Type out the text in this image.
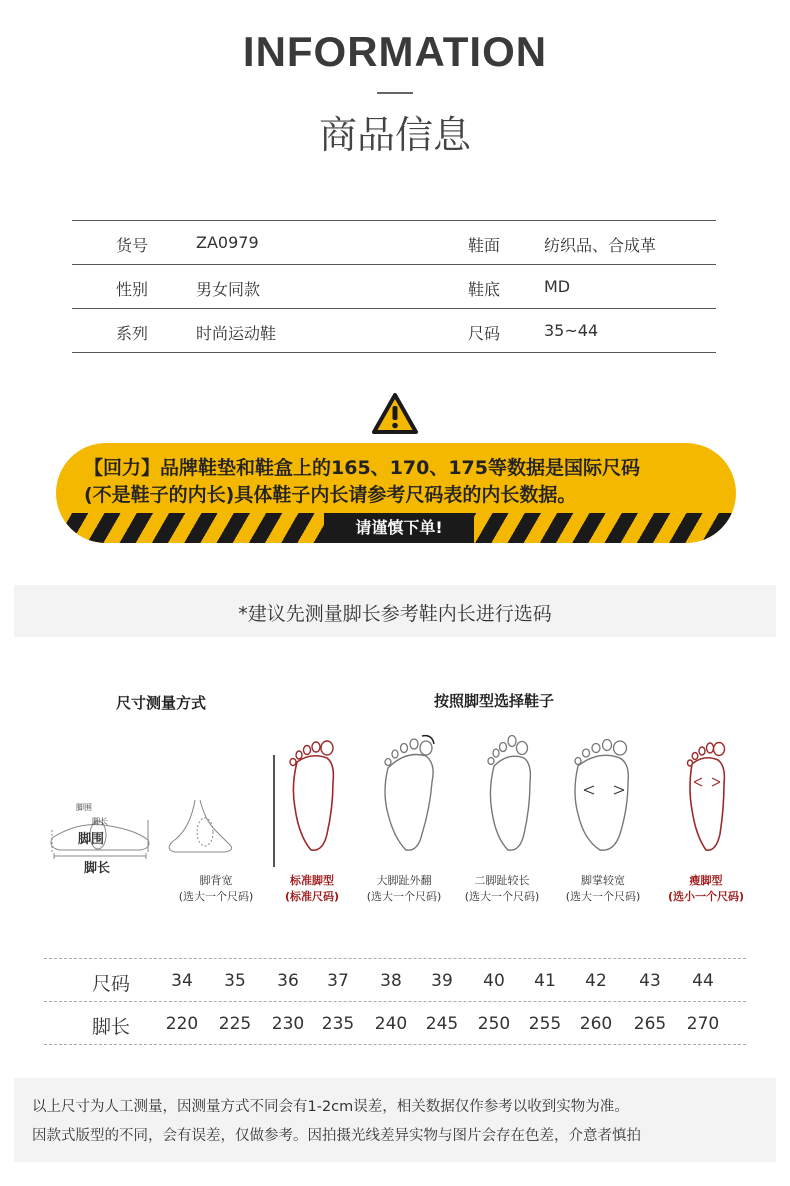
INFORMATION
商品信息
货号	ZA0979	鞋面	纺织品、合成革
性别	男女同款	鞋底	MD
系列	时尚运动鞋	尺码	35~44
【回力】品牌鞋垫和鞋盒上的165、170、175等数据是国际尺码
(不是鞋子的内长)具体鞋子内长请参考尺码表的内长数据。
请谨慎下单!
*建议先测量脚长参考鞋内长进行选码
尺寸测量方式	按照脚型选择鞋子
脚围
脚长
脚围
脚长
脚背宽
(选大一个尺码)
标准脚型
(标准尺码)
大脚趾外翻
(选大一个尺码)
二脚趾较长
(选大一个尺码)
脚掌较宽
(选大一个尺码)
瘦脚型
(选小一个尺码)
尺码	34	35	36	37	38	39	40	41	42	43	44
脚长	220	225	230	235	240	245	250	255	260	265	270
以上尺寸为人工测量，因测量方式不同会有1-2cm误差，相关数据仅作参考以收到实物为准。
因款式版型的不同，会有误差，仅做参考。因拍摄光线差异实物与图片会存在色差，介意者慎拍
